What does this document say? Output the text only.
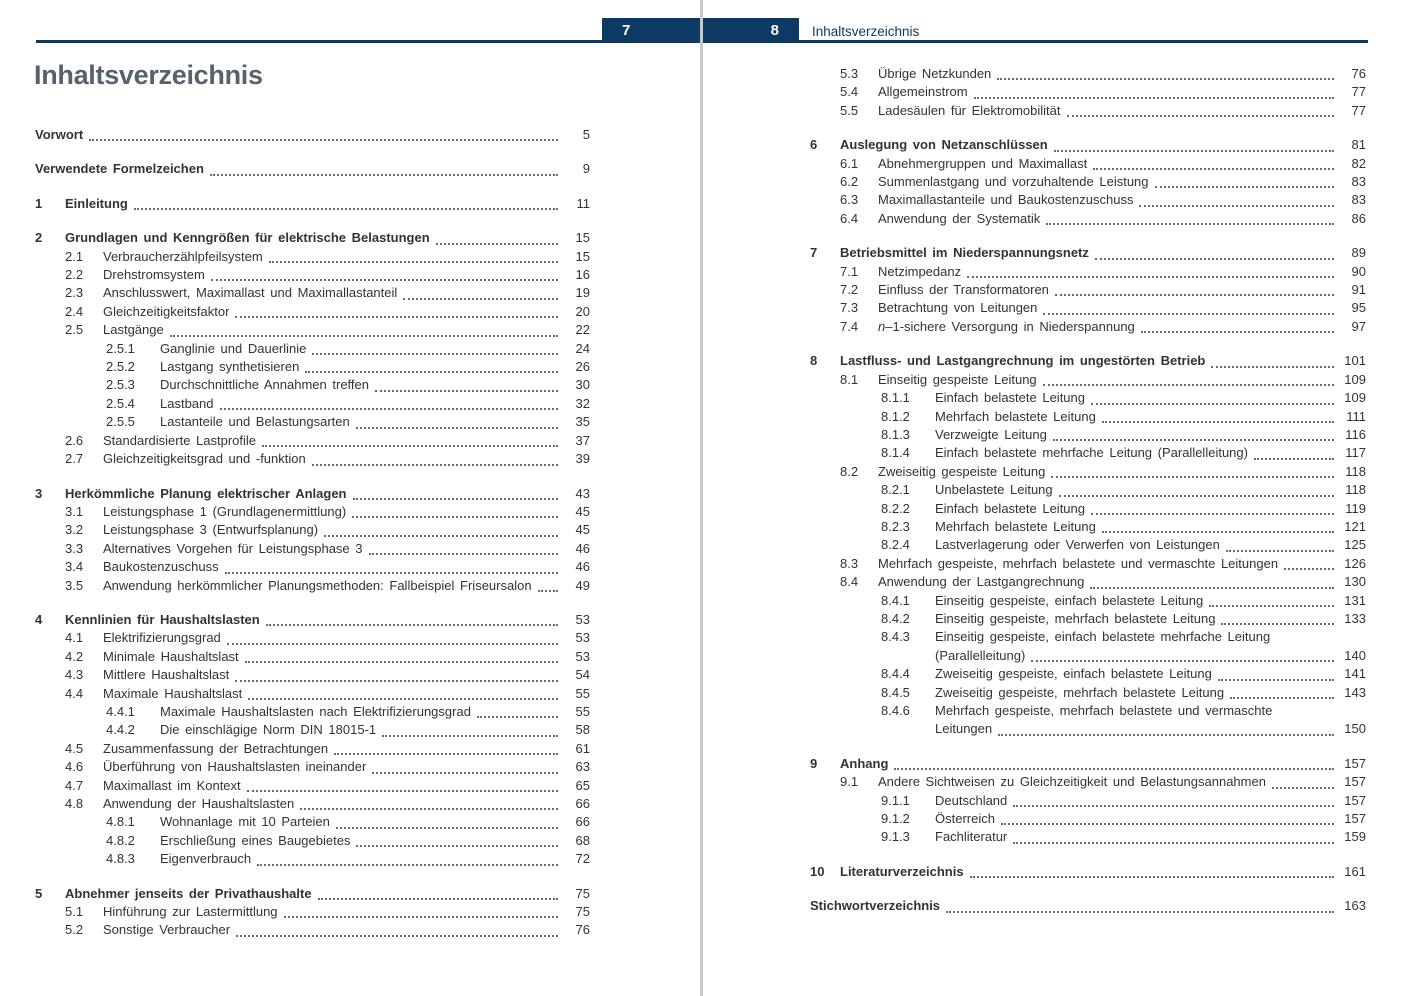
7	8	Inhaltsverzeichnis
Inhaltsverzeichnis
Vorwort	5
Verwendete Formelzeichen	9
1	Einleitung	11
2	Grundlagen und Kenngrößen für elektrische Belastungen	15
2.1	Verbraucherzählpfeilsystem	15
2.2	Drehstromsystem	16
2.3	Anschlusswert, Maximallast und Maximallastanteil	19
2.4	Gleichzeitigkeitsfaktor	20
2.5	Lastgänge	22
2.5.1	Ganglinie und Dauerlinie	24
2.5.2	Lastgang synthetisieren	26
2.5.3	Durchschnittliche Annahmen treffen	30
2.5.4	Lastband	32
2.5.5	Lastanteile und Belastungsarten	35
2.6	Standardisierte Lastprofile	37
2.7	Gleichzeitigkeitsgrad und -funktion	39
3	Herkömmliche Planung elektrischer Anlagen	43
3.1	Leistungsphase 1 (Grundlagenermittlung)	45
3.2	Leistungsphase 3 (Entwurfsplanung)	45
3.3	Alternatives Vorgehen für Leistungsphase 3	46
3.4	Baukostenzuschuss	46
3.5	Anwendung herkömmlicher Planungsmethoden: Fallbeispiel Friseursalon	49
4	Kennlinien für Haushaltslasten	53
4.1	Elektrifizierungsgrad	53
4.2	Minimale Haushaltslast	53
4.3	Mittlere Haushaltslast	54
4.4	Maximale Haushaltslast	55
4.4.1	Maximale Haushaltslasten nach Elektrifizierungsgrad	55
4.4.2	Die einschlägige Norm DIN 18015-1	58
4.5	Zusammenfassung der Betrachtungen	61
4.6	Überführung von Haushaltslasten ineinander	63
4.7	Maximallast im Kontext	65
4.8	Anwendung der Haushaltslasten	66
4.8.1	Wohnanlage mit 10 Parteien	66
4.8.2	Erschließung eines Baugebietes	68
4.8.3	Eigenverbrauch	72
5	Abnehmer jenseits der Privathaushalte	75
5.1	Hinführung zur Lastermittlung	75
5.2	Sonstige Verbraucher	76
5.3	Übrige Netzkunden	76
5.4	Allgemeinstrom	77
5.5	Ladesäulen für Elektromobilität	77
6	Auslegung von Netzanschlüssen	81
6.1	Abnehmergruppen und Maximallast	82
6.2	Summenlastgang und vorzuhaltende Leistung	83
6.3	Maximallastanteile und Baukostenzuschuss	83
6.4	Anwendung der Systematik	86
7	Betriebsmittel im Niederspannungsnetz	89
7.1	Netzimpedanz	90
7.2	Einfluss der Transformatoren	91
7.3	Betrachtung von Leitungen	95
7.4	n–1-sichere Versorgung in Niederspannung	97
8	Lastfluss- und Lastgangrechnung im ungestörten Betrieb	101
8.1	Einseitig gespeiste Leitung	109
8.1.1	Einfach belastete Leitung	109
8.1.2	Mehrfach belastete Leitung	111
8.1.3	Verzweigte Leitung	116
8.1.4	Einfach belastete mehrfache Leitung (Parallelleitung)	117
8.2	Zweiseitig gespeiste Leitung	118
8.2.1	Unbelastete Leitung	118
8.2.2	Einfach belastete Leitung	119
8.2.3	Mehrfach belastete Leitung	121
8.2.4	Lastverlagerung oder Verwerfen von Leistungen	125
8.3	Mehrfach gespeiste, mehrfach belastete und vermaschte Leitungen	126
8.4	Anwendung der Lastgangrechnung	130
8.4.1	Einseitig gespeiste, einfach belastete Leitung	131
8.4.2	Einseitig gespeiste, mehrfach belastete Leitung	133
8.4.3	Einseitig gespeiste, einfach belastete mehrfache Leitung
(Parallelleitung)	140
8.4.4	Zweiseitig gespeiste, einfach belastete Leitung	141
8.4.5	Zweiseitig gespeiste, mehrfach belastete Leitung	143
8.4.6	Mehrfach gespeiste, mehrfach belastete und vermaschte
Leitungen	150
9	Anhang	157
9.1	Andere Sichtweisen zu Gleichzeitigkeit und Belastungsannahmen	157
9.1.1	Deutschland	157
9.1.2	Österreich	157
9.1.3	Fachliteratur	159
10	Literaturverzeichnis	161
Stichwortverzeichnis	163
